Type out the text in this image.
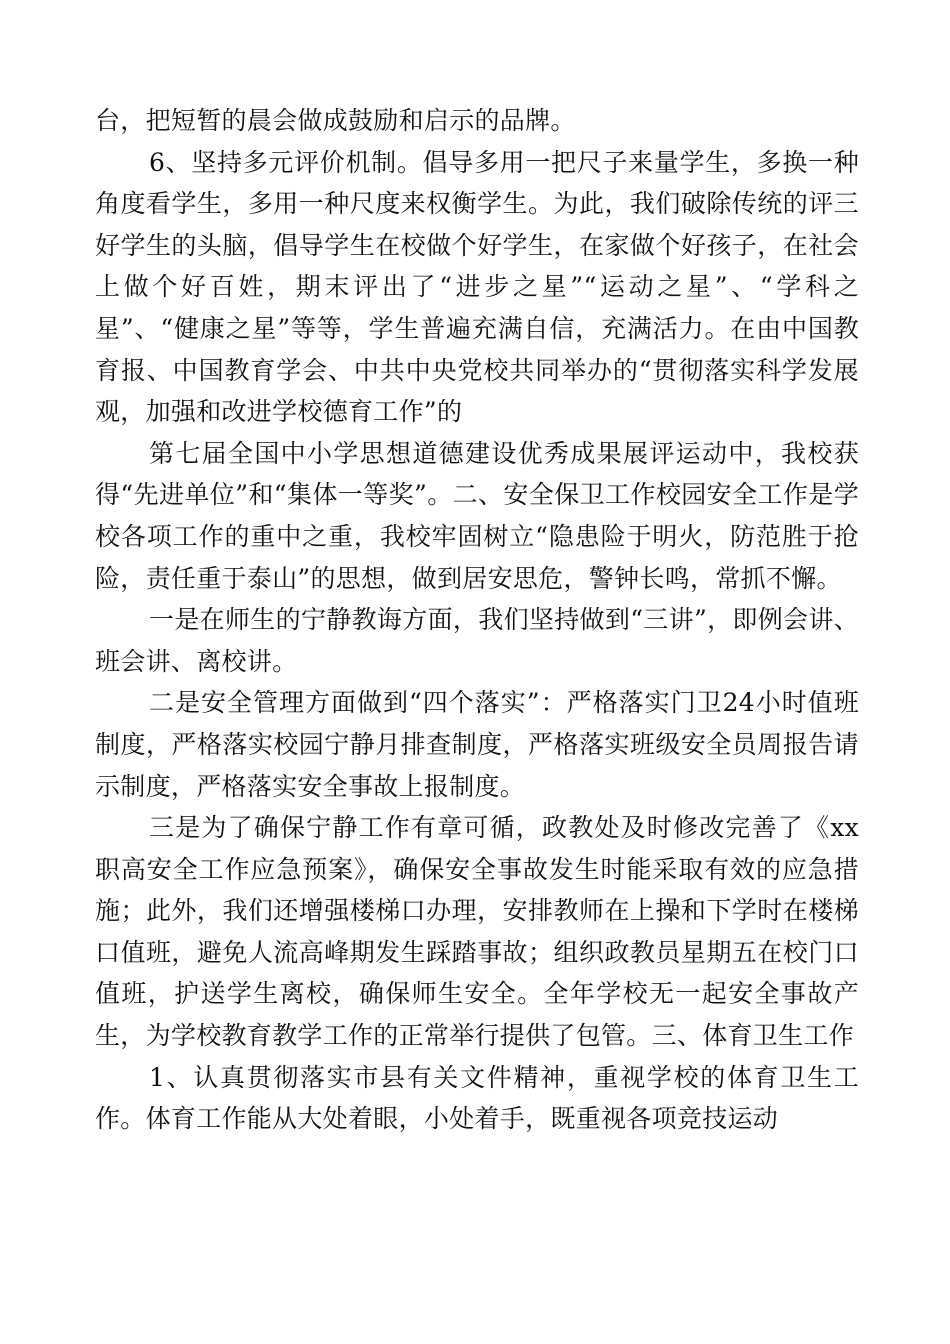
台，把短暂的晨会做成鼓励和启示的品牌。

6、坚持多元评价机制。倡导多用一把尺子来量学生，多换一种角度看学生，多用一种尺度来权衡学生。为此，我们破除传统的评三好学生的头脑，倡导学生在校做个好学生，在家做个好孩子，在社会上做个好百姓，期末评出了“进步之星”“运动之星”、“学科之星”、“健康之星”等等，学生普遍充满自信，充满活力。在由中国教育报、中国教育学会、中共中央党校共同举办的“贯彻落实科学发展观，加强和改进学校德育工作”的

第七届全国中小学思想道德建设优秀成果展评运动中，我校获得“先进单位”和“集体一等奖”。二、安全保卫工作校园安全工作是学校各项工作的重中之重，我校牢固树立“隐患险于明火，防范胜于抢险，责任重于泰山”的思想，做到居安思危，警钟长鸣，常抓不懈。

一是在师生的宁静教诲方面，我们坚持做到“三讲”，即例会讲、班会讲、离校讲。

二是安全管理方面做到“四个落实”：严格落实门卫24小时值班制度，严格落实校园宁静月排查制度，严格落实班级安全员周报告请示制度，严格落实安全事故上报制度。

三是为了确保宁静工作有章可循，政教处及时修改完善了《xx职高安全工作应急预案》，确保安全事故发生时能采取有效的应急措施；此外，我们还增强楼梯口办理，安排教师在上操和下学时在楼梯口值班，避免人流高峰期发生踩踏事故；组织政教员星期五在校门口值班，护送学生离校，确保师生安全。全年学校无一起安全事故产生，为学校教育教学工作的正常举行提供了包管。三、体育卫生工作

1、认真贯彻落实市县有关文件精神，重视学校的体育卫生工作。体育工作能从大处着眼，小处着手，既重视各项竞技运动
